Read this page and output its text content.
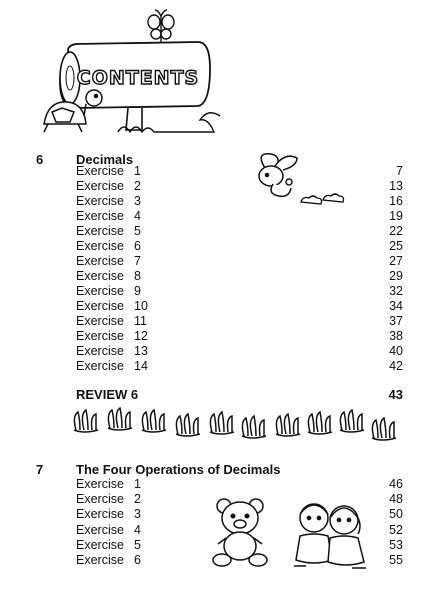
CONTENTS
6	Decimals
Exercise 1	7
Exercise 2	13
Exercise 3	16
Exercise 4	19
Exercise 5	22
Exercise 6	25
Exercise 7	27
Exercise 8	29
Exercise 9	32
Exercise 10	34
Exercise 11	37
Exercise 12	38
Exercise 13	40
Exercise 14	42
REVIEW 6	43
7	The Four Operations of Decimals
Exercise 1	46
Exercise 2	48
Exercise 3	50
Exercise 4	52
Exercise 5	53
Exercise 6	55
